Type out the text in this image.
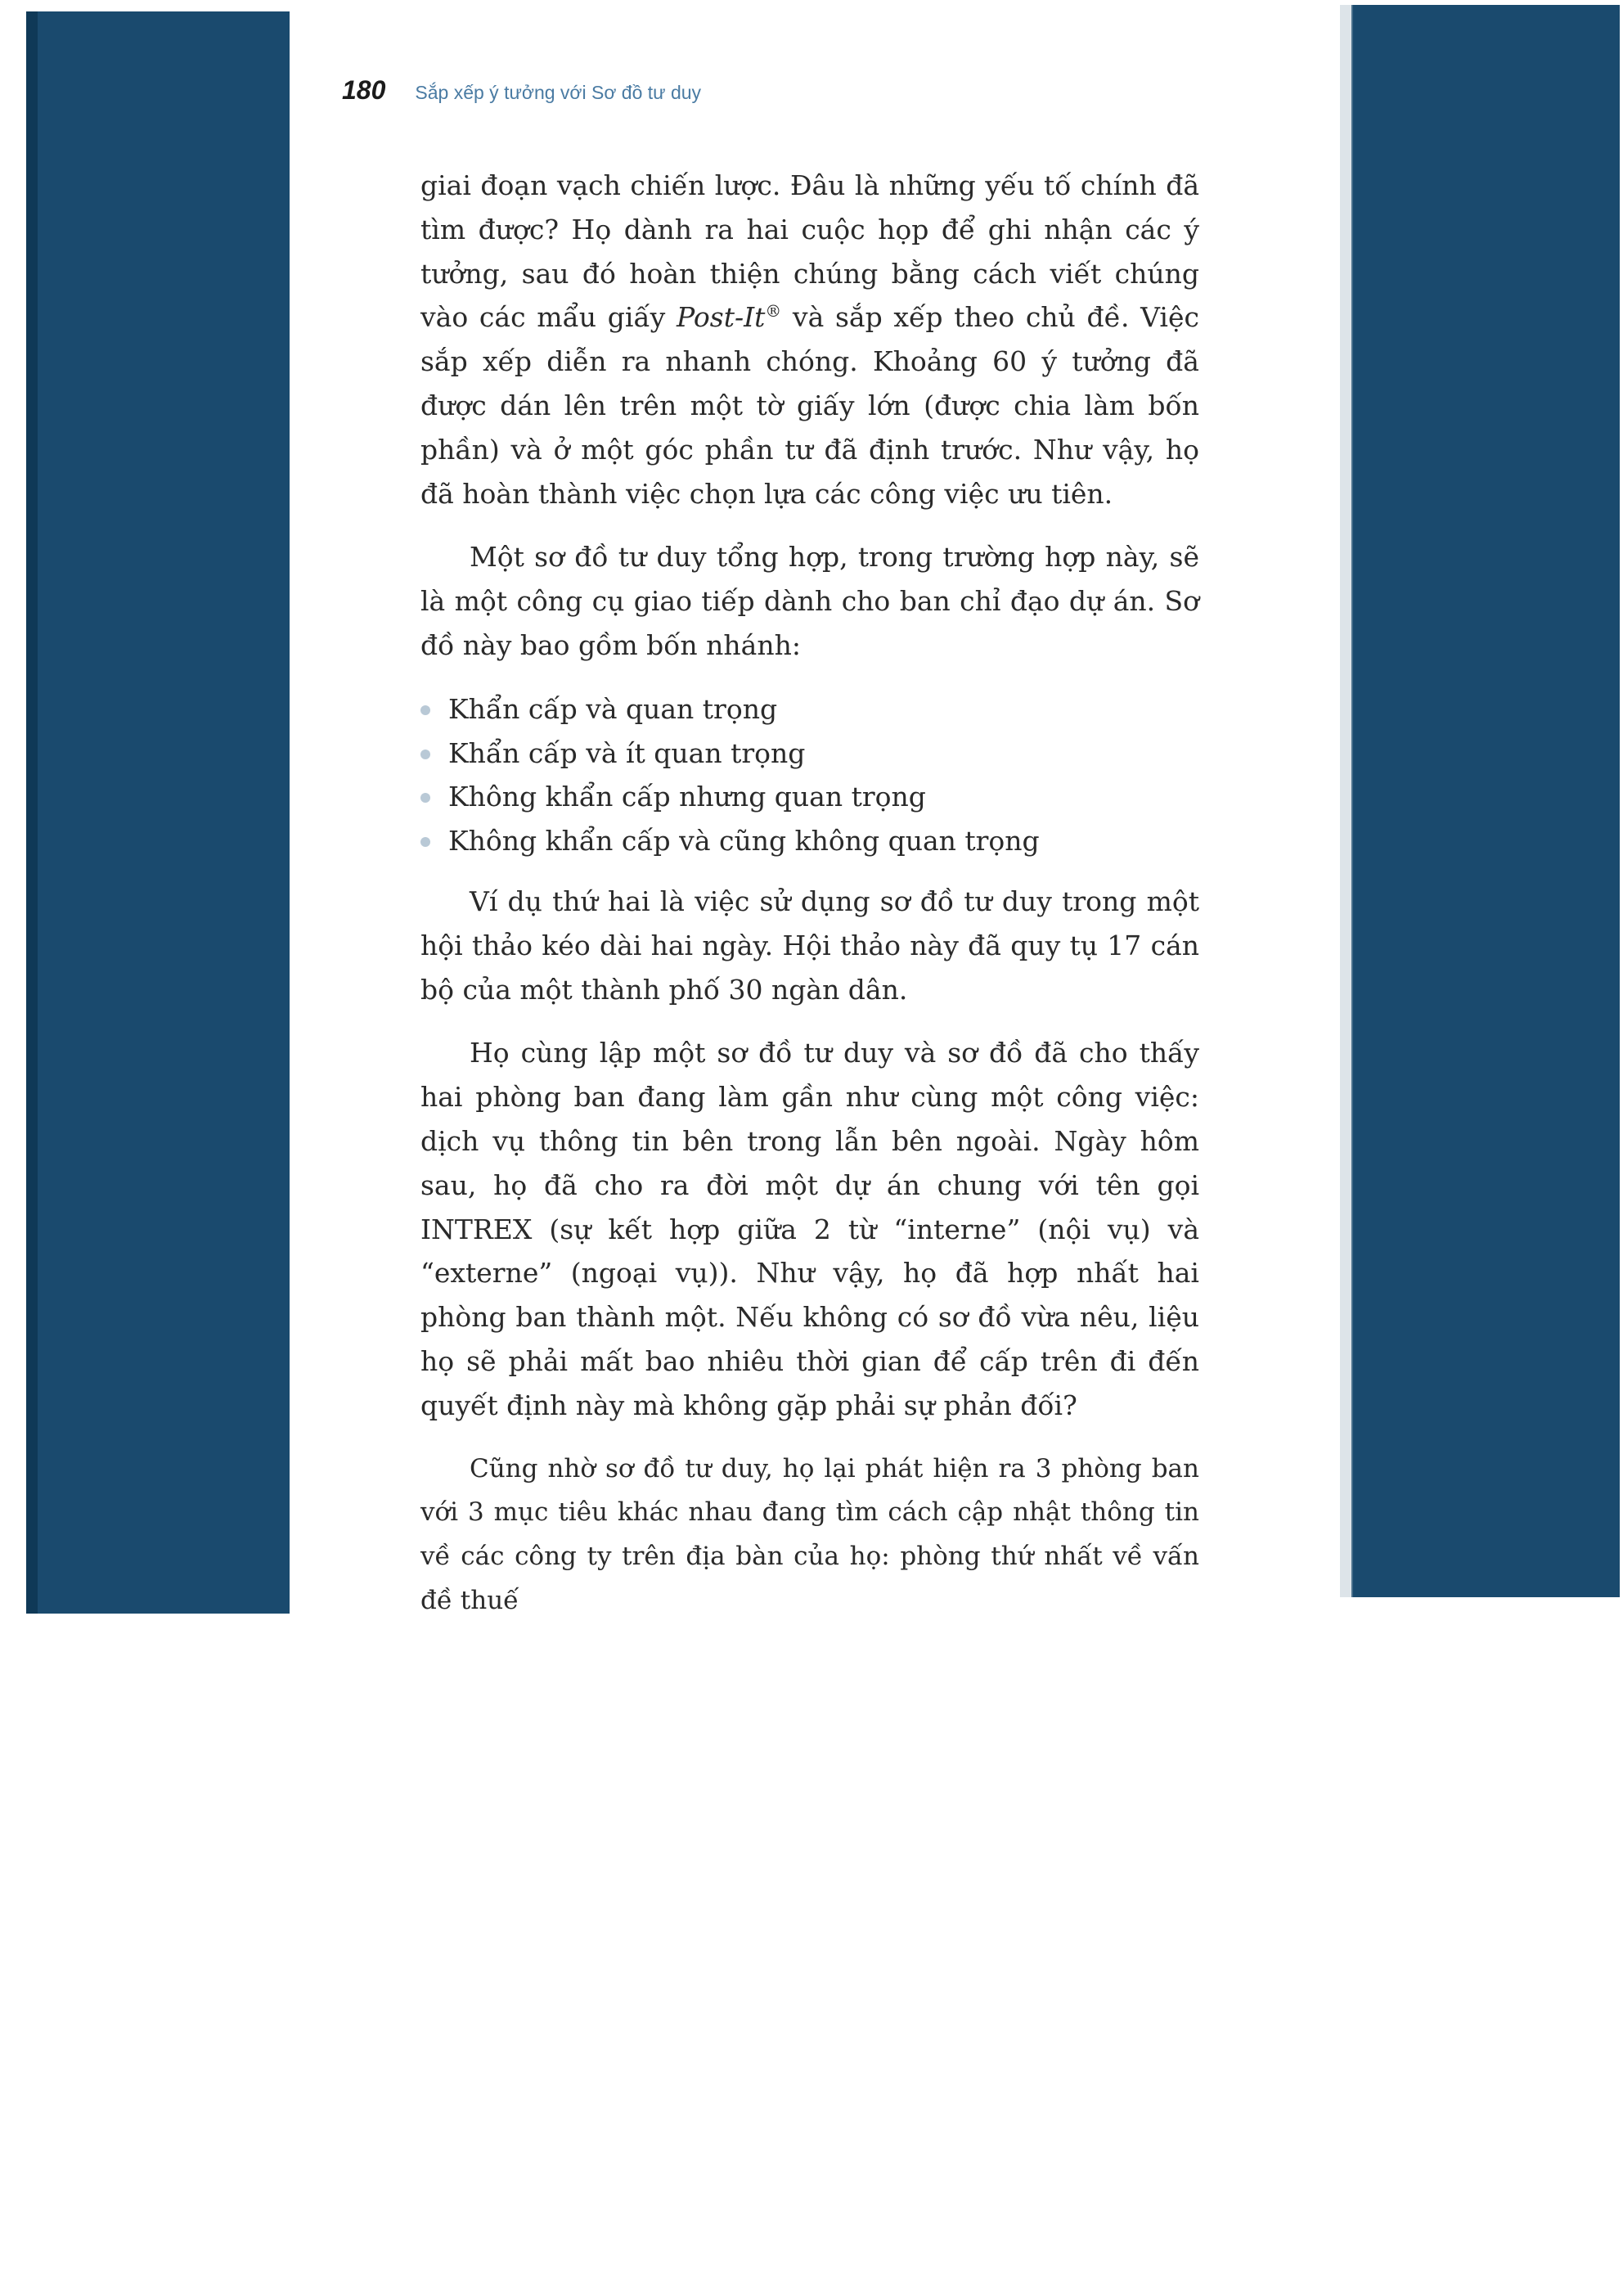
180 Sắp xếp ý tưởng với Sơ đồ tư duy

giai đoạn vạch chiến lược. Đâu là những yếu tố chính đã tìm được? Họ dành ra hai cuộc họp để ghi nhận các ý tưởng, sau đó hoàn thiện chúng bằng cách viết chúng vào các mẩu giấy Post-It® và sắp xếp theo chủ đề. Việc sắp xếp diễn ra nhanh chóng. Khoảng 60 ý tưởng đã được dán lên trên một tờ giấy lớn (được chia làm bốn phần) và ở một góc phần tư đã định trước. Như vậy, họ đã hoàn thành việc chọn lựa các công việc ưu tiên.

Một sơ đồ tư duy tổng hợp, trong trường hợp này, sẽ là một công cụ giao tiếp dành cho ban chỉ đạo dự án. Sơ đồ này bao gồm bốn nhánh:

Khẩn cấp và quan trọng
Khẩn cấp và ít quan trọng
Không khẩn cấp nhưng quan trọng
Không khẩn cấp và cũng không quan trọng

Ví dụ thứ hai là việc sử dụng sơ đồ tư duy trong một hội thảo kéo dài hai ngày. Hội thảo này đã quy tụ 17 cán bộ của một thành phố 30 ngàn dân.

Họ cùng lập một sơ đồ tư duy và sơ đồ đã cho thấy hai phòng ban đang làm gần như cùng một công việc: dịch vụ thông tin bên trong lẫn bên ngoài. Ngày hôm sau, họ đã cho ra đời một dự án chung với tên gọi INTREX (sự kết hợp giữa 2 từ “interne” (nội vụ) và “externe” (ngoại vụ)). Như vậy, họ đã hợp nhất hai phòng ban thành một. Nếu không có sơ đồ vừa nêu, liệu họ sẽ phải mất bao nhiêu thời gian để cấp trên đi đến quyết định này mà không gặp phải sự phản đối?

Cũng nhờ sơ đồ tư duy, họ lại phát hiện ra 3 phòng ban với 3 mục tiêu khác nhau đang tìm cách cập nhật thông tin về các công ty trên địa bàn của họ: phòng thứ nhất về vấn đề thuế
